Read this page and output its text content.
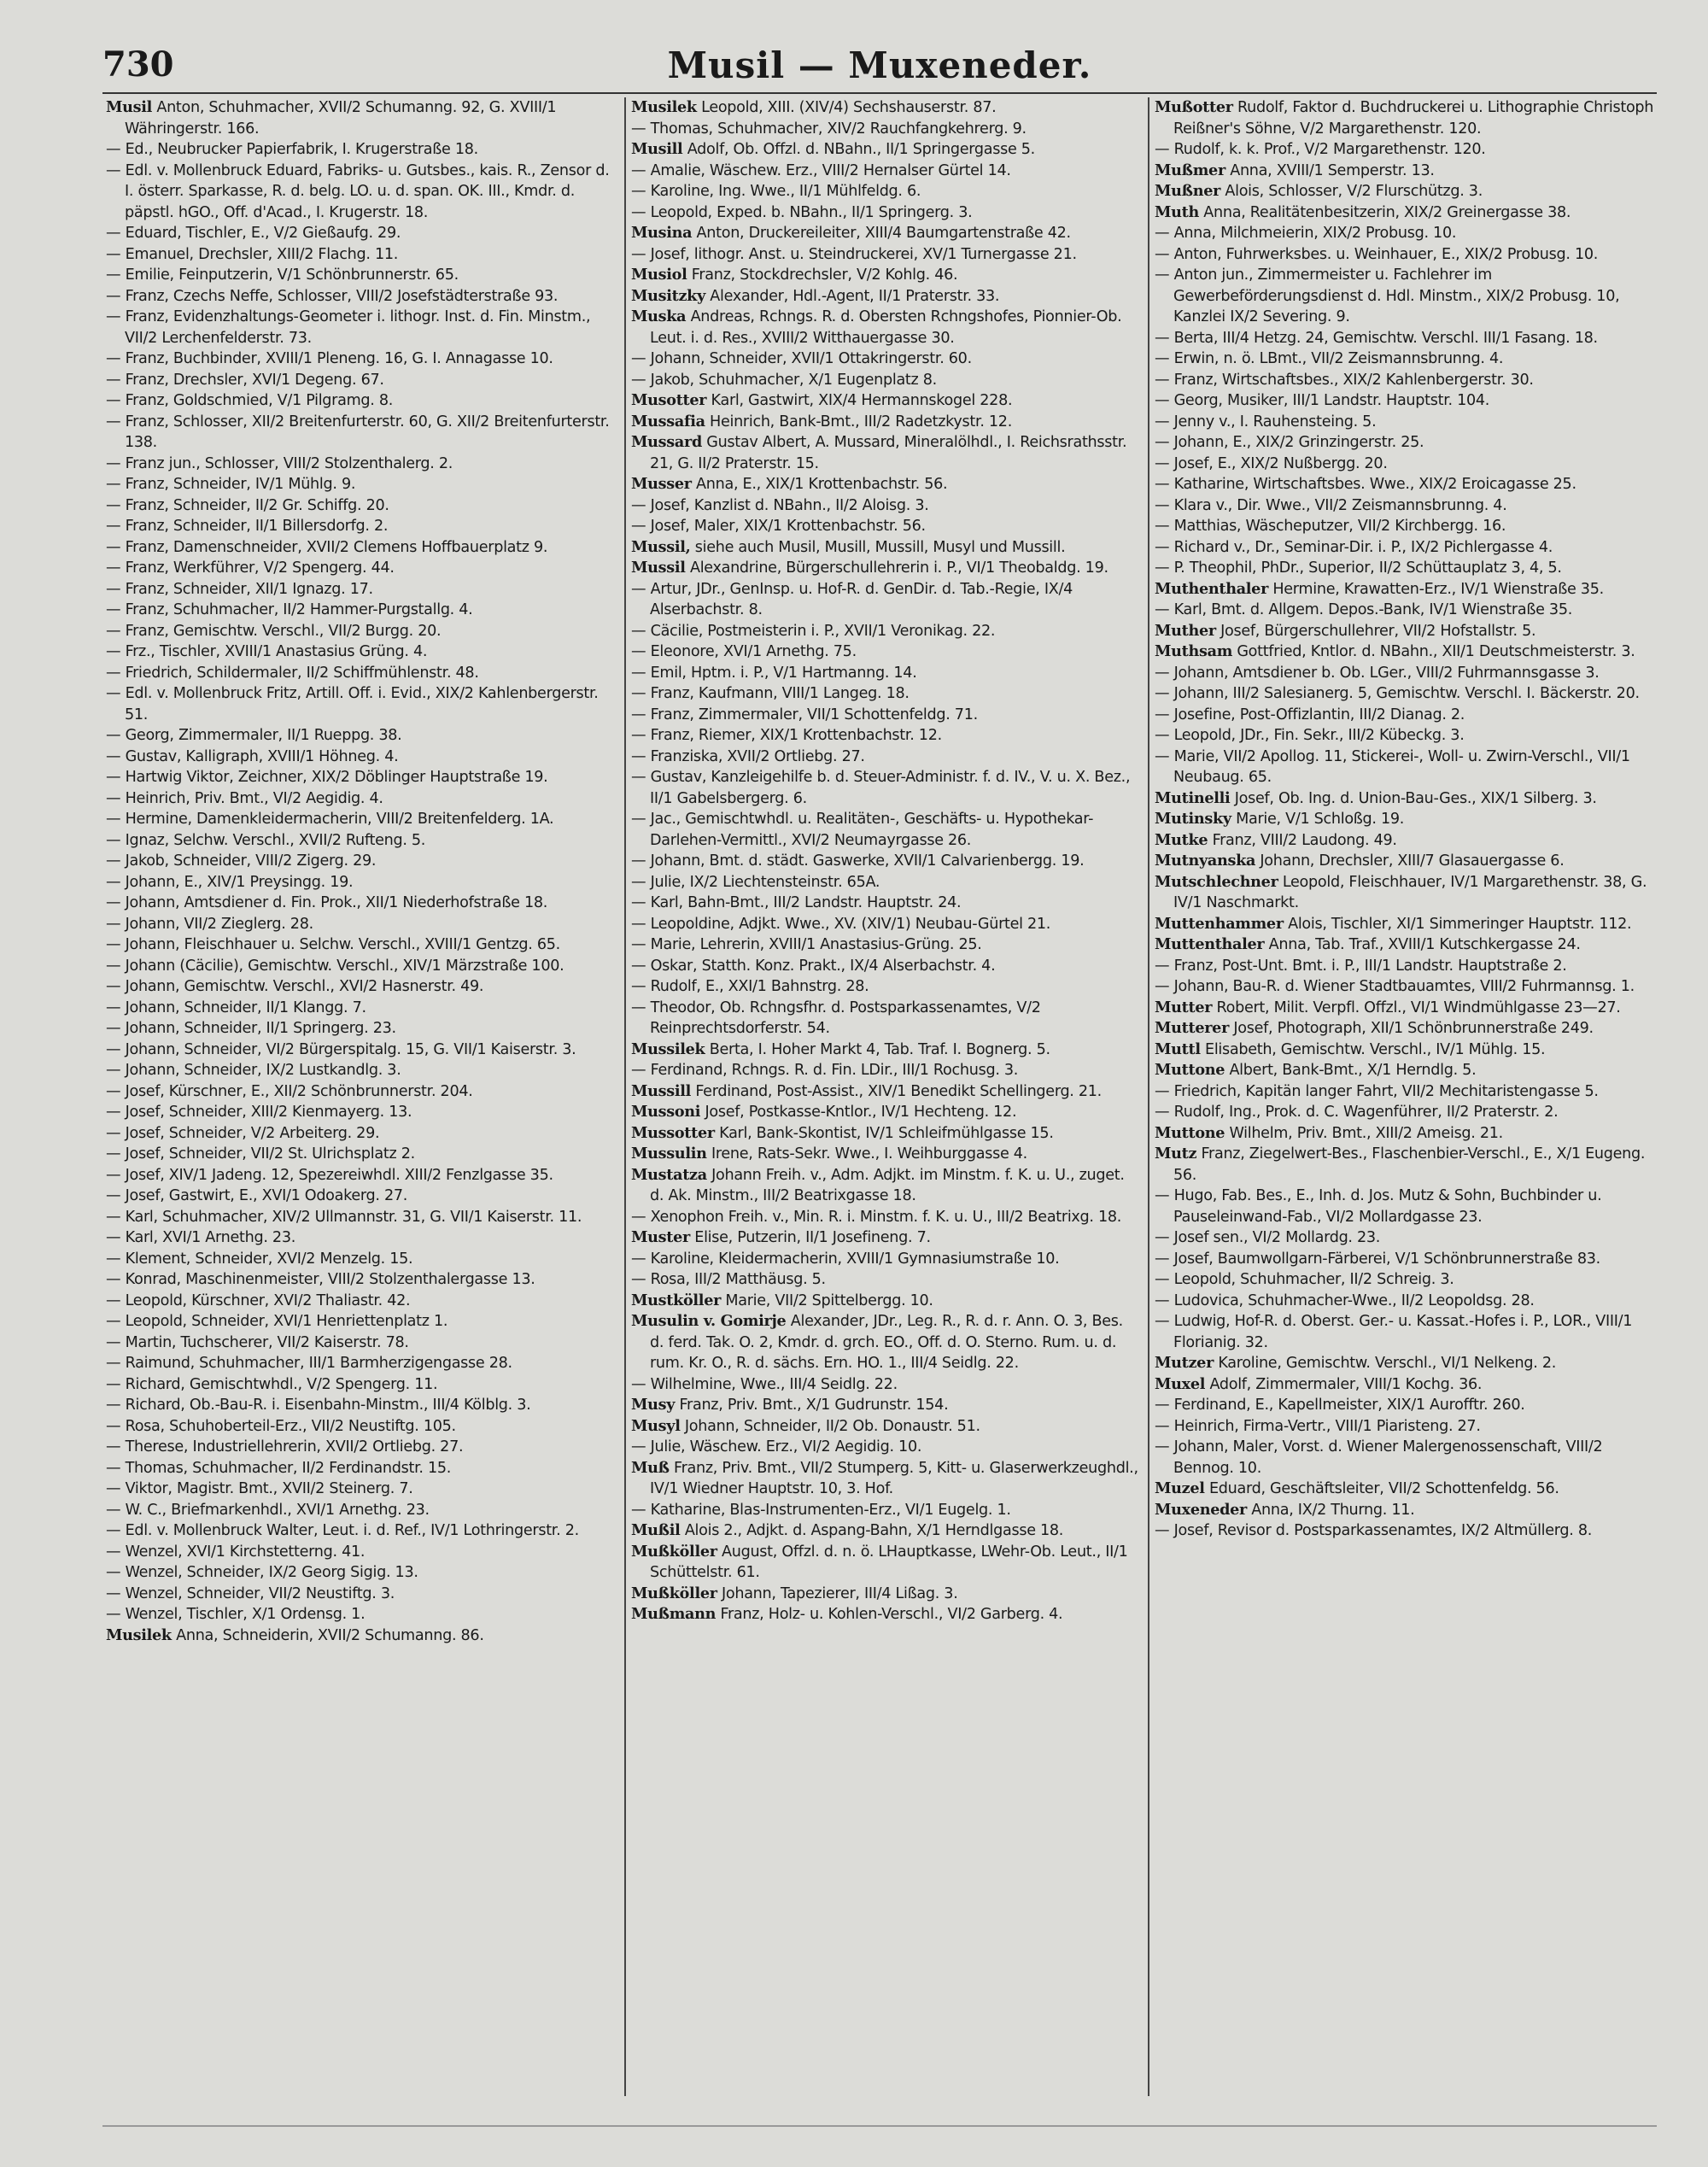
730	Musil — Muxeneder.
Musil Anton, Schuhmacher, XVII/2 Schumanng. 92, G. XVIII/1 Währingerstr. 166.
— Ed., Neubrucker Papierfabrik, I. Krugerstraße 18.
— Edl. v. Mollenbruck Eduard, Fabriks- u. Gutsbes., kais. R., Zensor d. I. österr. Sparkasse, R. d. belg. LO. u. d. span. OK. III., Kmdr. d. päpstl. hGO., Off. d'Acad., I. Krugerstr. 18.
— Eduard, Tischler, E., V/2 Gießaufg. 29.
— Emanuel, Drechsler, XIII/2 Flachg. 11.
— Emilie, Feinputzerin, V/1 Schönbrunnerstr. 65.
— Franz, Czechs Neffe, Schlosser, VIII/2 Josefstädterstraße 93.
— Franz, Evidenzhaltungs-Geometer i. lithogr. Inst. d. Fin. Minstm., VII/2 Lerchenfelderstr. 73.
— Franz, Buchbinder, XVIII/1 Pleneng. 16, G. I. Annagasse 10.
— Franz, Drechsler, XVI/1 Degeng. 67.
— Franz, Goldschmied, V/1 Pilgramg. 8.
— Franz, Schlosser, XII/2 Breitenfurterstr. 60, G. XII/2 Breitenfurterstr. 138.
— Franz jun., Schlosser, VIII/2 Stolzenthalerg. 2.
— Franz, Schneider, IV/1 Mühlg. 9.
— Franz, Schneider, II/2 Gr. Schiffg. 20.
— Franz, Schneider, II/1 Billersdorfg. 2.
— Franz, Damenschneider, XVII/2 Clemens Hoffbauerplatz 9.
— Franz, Werkführer, V/2 Spengerg. 44.
— Franz, Schneider, XII/1 Ignazg. 17.
— Franz, Schuhmacher, II/2 Hammer-Purgstallg. 4.
— Franz, Gemischtw. Verschl., VII/2 Burgg. 20.
— Frz., Tischler, XVIII/1 Anastasius Grüng. 4.
— Friedrich, Schildermaler, II/2 Schiffmühlenstr. 48.
— Edl. v. Mollenbruck Fritz, Artill. Off. i. Evid., XIX/2 Kahlenbergerstr. 51.
— Georg, Zimmermaler, II/1 Rueppg. 38.
— Gustav, Kalligraph, XVIII/1 Höhneg. 4.
— Hartwig Viktor, Zeichner, XIX/2 Döblinger Hauptstraße 19.
— Heinrich, Priv. Bmt., VI/2 Aegidig. 4.
— Hermine, Damenkleidermacherin, VIII/2 Breitenfelderg. 1A.
— Ignaz, Selchw. Verschl., XVII/2 Rufteng. 5.
— Jakob, Schneider, VIII/2 Zigerg. 29.
— Johann, E., XIV/1 Preysingg. 19.
— Johann, Amtsdiener d. Fin. Prok., XII/1 Niederhofstraße 18.
— Johann, VII/2 Zieglerg. 28.
— Johann, Fleischhauer u. Selchw. Verschl., XVIII/1 Gentzg. 65.
— Johann (Cäcilie), Gemischtw. Verschl., XIV/1 Märzstraße 100.
— Johann, Gemischtw. Verschl., XVI/2 Hasnerstr. 49.
— Johann, Schneider, II/1 Klangg. 7.
— Johann, Schneider, II/1 Springerg. 23.
— Johann, Schneider, VI/2 Bürgerspitalg. 15, G. VII/1 Kaiserstr. 3.
— Johann, Schneider, IX/2 Lustkandlg. 3.
— Josef, Kürschner, E., XII/2 Schönbrunnerstr. 204.
— Josef, Schneider, XIII/2 Kienmayerg. 13.
— Josef, Schneider, V/2 Arbeiterg. 29.
— Josef, Schneider, VII/2 St. Ulrichsplatz 2.
— Josef, XIV/1 Jadeng. 12, Spezereiwhdl. XIII/2 Fenzlgasse 35.
— Josef, Gastwirt, E., XVI/1 Odoakerg. 27.
— Karl, Schuhmacher, XIV/2 Ullmannstr. 31, G. VII/1 Kaiserstr. 11.
— Karl, XVI/1 Arnethg. 23.
— Klement, Schneider, XVI/2 Menzelg. 15.
— Konrad, Maschinenmeister, VIII/2 Stolzenthalergasse 13.
— Leopold, Kürschner, XVI/2 Thaliastr. 42.
— Leopold, Schneider, XVI/1 Henriettenplatz 1.
— Martin, Tuchscherer, VII/2 Kaiserstr. 78.
— Raimund, Schuhmacher, III/1 Barmherzigengasse 28.
— Richard, Gemischtwhdl., V/2 Spengerg. 11.
— Richard, Ob.-Bau-R. i. Eisenbahn-Minstm., III/4 Kölblg. 3.
— Rosa, Schuhoberteil-Erz., VII/2 Neustiftg. 105.
— Therese, Industriellehrerin, XVII/2 Ortliebg. 27.
— Thomas, Schuhmacher, II/2 Ferdinandstr. 15.
— Viktor, Magistr. Bmt., XVII/2 Steinerg. 7.
— W. C., Briefmarkenhdl., XVI/1 Arnethg. 23.
— Edl. v. Mollenbruck Walter, Leut. i. d. Ref., IV/1 Lothringerstr. 2.
— Wenzel, XVI/1 Kirchstetterng. 41.
— Wenzel, Schneider, IX/2 Georg Sigig. 13.
— Wenzel, Schneider, VII/2 Neustiftg. 3.
— Wenzel, Tischler, X/1 Ordensg. 1.
Musilek Anna, Schneiderin, XVII/2 Schumanng. 86.
Musilek Leopold, XIII. (XIV/4) Sechshauserstr. 87.
— Thomas, Schuhmacher, XIV/2 Rauchfangkehrerg. 9.
Musill Adolf, Ob. Offzl. d. NBahn., II/1 Springergasse 5.
— Amalie, Wäschew. Erz., VIII/2 Hernalser Gürtel 14.
— Karoline, Ing. Wwe., II/1 Mühlfeldg. 6.
— Leopold, Exped. b. NBahn., II/1 Springerg. 3.
Musina Anton, Druckereileiter, XIII/4 Baumgartenstraße 42.
— Josef, lithogr. Anst. u. Steindruckerei, XV/1 Turnergasse 21.
Musiol Franz, Stockdrechsler, V/2 Kohlg. 46.
Musitzky Alexander, Hdl.-Agent, II/1 Praterstr. 33.
Muska Andreas, Rchngs. R. d. Obersten Rchngshofes, Pionnier-Ob. Leut. i. d. Res., XVIII/2 Witthauergasse 30.
— Johann, Schneider, XVII/1 Ottakringerstr. 60.
— Jakob, Schuhmacher, X/1 Eugenplatz 8.
Musotter Karl, Gastwirt, XIX/4 Hermannskogel 228.
Mussafia Heinrich, Bank-Bmt., III/2 Radetzkystr. 12.
Mussard Gustav Albert, A. Mussard, Mineralölhdl., I. Reichsrathsstr. 21, G. II/2 Praterstr. 15.
Musser Anna, E., XIX/1 Krottenbachstr. 56.
— Josef, Kanzlist d. NBahn., II/2 Aloisg. 3.
— Josef, Maler, XIX/1 Krottenbachstr. 56.
Mussil, siehe auch Musil, Musill, Mussill, Musyl und Mussill.
Mussil Alexandrine, Bürgerschullehrerin i. P., VI/1 Theobaldg. 19.
— Artur, JDr., GenInsp. u. Hof-R. d. GenDir. d. Tab.-Regie, IX/4 Alserbachstr. 8.
— Cäcilie, Postmeisterin i. P., XVII/1 Veronikag. 22.
— Eleonore, XVI/1 Arnethg. 75.
— Emil, Hptm. i. P., V/1 Hartmanng. 14.
— Franz, Kaufmann, VIII/1 Langeg. 18.
— Franz, Zimmermaler, VII/1 Schottenfeldg. 71.
— Franz, Riemer, XIX/1 Krottenbachstr. 12.
— Franziska, XVII/2 Ortliebg. 27.
— Gustav, Kanzleigehilfe b. d. Steuer-Administr. f. d. IV., V. u. X. Bez., II/1 Gabelsbergerg. 6.
— Jac., Gemischtwhdl. u. Realitäten-, Geschäfts- u. Hypothekar-Darlehen-Vermittl., XVI/2 Neumayrgasse 26.
— Johann, Bmt. d. städt. Gaswerke, XVII/1 Calvarienbergg. 19.
— Julie, IX/2 Liechtensteinstr. 65A.
— Karl, Bahn-Bmt., III/2 Landstr. Hauptstr. 24.
— Leopoldine, Adjkt. Wwe., XV. (XIV/1) Neubau-Gürtel 21.
— Marie, Lehrerin, XVIII/1 Anastasius-Grüng. 25.
— Oskar, Statth. Konz. Prakt., IX/4 Alserbachstr. 4.
— Rudolf, E., XXI/1 Bahnstrg. 28.
— Theodor, Ob. Rchngsfhr. d. Postsparkassenamtes, V/2 Reinprechtsdorferstr. 54.
Mussilek Berta, I. Hoher Markt 4, Tab. Traf. I. Bognerg. 5.
— Ferdinand, Rchngs. R. d. Fin. LDir., III/1 Rochusg. 3.
Mussill Ferdinand, Post-Assist., XIV/1 Benedikt Schellingerg. 21.
Mussoni Josef, Postkasse-Kntlor., IV/1 Hechteng. 12.
Mussotter Karl, Bank-Skontist, IV/1 Schleifmühlgasse 15.
Mussulin Irene, Rats-Sekr. Wwe., I. Weihburggasse 4.
Mustatza Johann Freih. v., Adm. Adjkt. im Minstm. f. K. u. U., zuget. d. Ak. Minstm., III/2 Beatrixgasse 18.
— Xenophon Freih. v., Min. R. i. Minstm. f. K. u. U., III/2 Beatrixg. 18.
Muster Elise, Putzerin, II/1 Josefineng. 7.
— Karoline, Kleidermacherin, XVIII/1 Gymnasiumstraße 10.
— Rosa, III/2 Matthäusg. 5.
Mustköller Marie, VII/2 Spittelbergg. 10.
Musulin v. Gomirje Alexander, JDr., Leg. R., R. d. r. Ann. O. 3, Bes. d. ferd. Tak. O. 2, Kmdr. d. grch. EO., Off. d. O. Sterno. Rum. u. d. rum. Kr. O., R. d. sächs. Ern. HO. 1., III/4 Seidlg. 22.
— Wilhelmine, Wwe., III/4 Seidlg. 22.
Musy Franz, Priv. Bmt., X/1 Gudrunstr. 154.
Musyl Johann, Schneider, II/2 Ob. Donaustr. 51.
— Julie, Wäschew. Erz., VI/2 Aegidig. 10.
Muß Franz, Priv. Bmt., VII/2 Stumperg. 5, Kitt- u. Glaserwerkzeughdl., IV/1 Wiedner Hauptstr. 10, 3. Hof.
— Katharine, Blas-Instrumenten-Erz., VI/1 Eugelg. 1.
Mußil Alois 2., Adjkt. d. Aspang-Bahn, X/1 Herndlgasse 18.
Mußköller August, Offzl. d. n. ö. LHauptkasse, LWehr-Ob. Leut., II/1 Schüttelstr. 61.
Mußköller Johann, Tapezierer, III/4 Lißag. 3.
Mußmann Franz, Holz- u. Kohlen-Verschl., VI/2 Garberg. 4.
Mußotter Rudolf, Faktor d. Buchdruckerei u. Lithographie Christoph Reißner's Söhne, V/2 Margarethenstr. 120.
— Rudolf, k. k. Prof., V/2 Margarethenstr. 120.
Mußmer Anna, XVIII/1 Semperstr. 13.
Mußner Alois, Schlosser, V/2 Flurschützg. 3.
Muth Anna, Realitätenbesitzerin, XIX/2 Greinergasse 38.
— Anna, Milchmeierin, XIX/2 Probusg. 10.
— Anton, Fuhrwerksbes. u. Weinhauer, E., XIX/2 Probusg. 10.
— Anton jun., Zimmermeister u. Fachlehrer im Gewerbeförderungsdienst d. Hdl. Minstm., XIX/2 Probusg. 10, Kanzlei IX/2 Severing. 9.
— Berta, III/4 Hetzg. 24, Gemischtw. Verschl. III/1 Fasang. 18.
— Erwin, n. ö. LBmt., VII/2 Zeismannsbrunng. 4.
— Franz, Wirtschaftsbes., XIX/2 Kahlenbergerstr. 30.
— Georg, Musiker, III/1 Landstr. Hauptstr. 104.
— Jenny v., I. Rauhensteing. 5.
— Johann, E., XIX/2 Grinzingerstr. 25.
— Josef, E., XIX/2 Nußbergg. 20.
— Katharine, Wirtschaftsbes. Wwe., XIX/2 Eroicagasse 25.
— Klara v., Dir. Wwe., VII/2 Zeismannsbrunng. 4.
— Matthias, Wäscheputzer, VII/2 Kirchbergg. 16.
— Richard v., Dr., Seminar-Dir. i. P., IX/2 Pichlergasse 4.
— P. Theophil, PhDr., Superior, II/2 Schüttauplatz 3, 4, 5.
Muthenthaler Hermine, Krawatten-Erz., IV/1 Wienstraße 35.
— Karl, Bmt. d. Allgem. Depos.-Bank, IV/1 Wienstraße 35.
Muther Josef, Bürgerschullehrer, VII/2 Hofstallstr. 5.
Muthsam Gottfried, Kntlor. d. NBahn., XII/1 Deutschmeisterstr. 3.
— Johann, Amtsdiener b. Ob. LGer., VIII/2 Fuhrmannsgasse 3.
— Johann, III/2 Salesianerg. 5, Gemischtw. Verschl. I. Bäckerstr. 20.
— Josefine, Post-Offizlantin, III/2 Dianag. 2.
— Leopold, JDr., Fin. Sekr., III/2 Kübeckg. 3.
— Marie, VII/2 Apollog. 11, Stickerei-, Woll- u. Zwirn-Verschl., VII/1 Neubaug. 65.
Mutinelli Josef, Ob. Ing. d. Union-Bau-Ges., XIX/1 Silberg. 3.
Mutinsky Marie, V/1 Schloßg. 19.
Mutke Franz, VIII/2 Laudong. 49.
Mutnyanska Johann, Drechsler, XIII/7 Glasauergasse 6.
Mutschlechner Leopold, Fleischhauer, IV/1 Margarethenstr. 38, G. IV/1 Naschmarkt.
Muttenhammer Alois, Tischler, XI/1 Simmeringer Hauptstr. 112.
Muttenthaler Anna, Tab. Traf., XVIII/1 Kutschkergasse 24.
— Franz, Post-Unt. Bmt. i. P., III/1 Landstr. Hauptstraße 2.
— Johann, Bau-R. d. Wiener Stadtbauamtes, VIII/2 Fuhrmannsg. 1.
Mutter Robert, Milit. Verpfl. Offzl., VI/1 Windmühlgasse 23—27.
Mutterer Josef, Photograph, XII/1 Schönbrunnerstraße 249.
Muttl Elisabeth, Gemischtw. Verschl., IV/1 Mühlg. 15.
Muttone Albert, Bank-Bmt., X/1 Herndlg. 5.
— Friedrich, Kapitän langer Fahrt, VII/2 Mechitaristengasse 5.
— Rudolf, Ing., Prok. d. C. Wagenführer, II/2 Praterstr. 2.
Muttone Wilhelm, Priv. Bmt., XIII/2 Ameisg. 21.
Mutz Franz, Ziegelwert-Bes., Flaschenbier-Verschl., E., X/1 Eugeng. 56.
— Hugo, Fab. Bes., E., Inh. d. Jos. Mutz & Sohn, Buchbinder u. Pauseleinwand-Fab., VI/2 Mollardgasse 23.
— Josef sen., VI/2 Mollardg. 23.
— Josef, Baumwollgarn-Färberei, V/1 Schönbrunnerstraße 83.
— Leopold, Schuhmacher, II/2 Schreig. 3.
— Ludovica, Schuhmacher-Wwe., II/2 Leopoldsg. 28.
— Ludwig, Hof-R. d. Oberst. Ger.- u. Kassat.-Hofes i. P., LOR., VIII/1 Florianig. 32.
Mutzer Karoline, Gemischtw. Verschl., VI/1 Nelkeng. 2.
Muxel Adolf, Zimmermaler, VIII/1 Kochg. 36.
— Ferdinand, E., Kapellmeister, XIX/1 Aurofftr. 260.
— Heinrich, Firma-Vertr., VIII/1 Piaristeng. 27.
— Johann, Maler, Vorst. d. Wiener Malergenossenschaft, VIII/2 Bennog. 10.
Muzel Eduard, Geschäftsleiter, VII/2 Schottenfeldg. 56.
Muxeneder Anna, IX/2 Thurng. 11.
— Josef, Revisor d. Postsparkassenamtes, IX/2 Altmüllerg. 8.
